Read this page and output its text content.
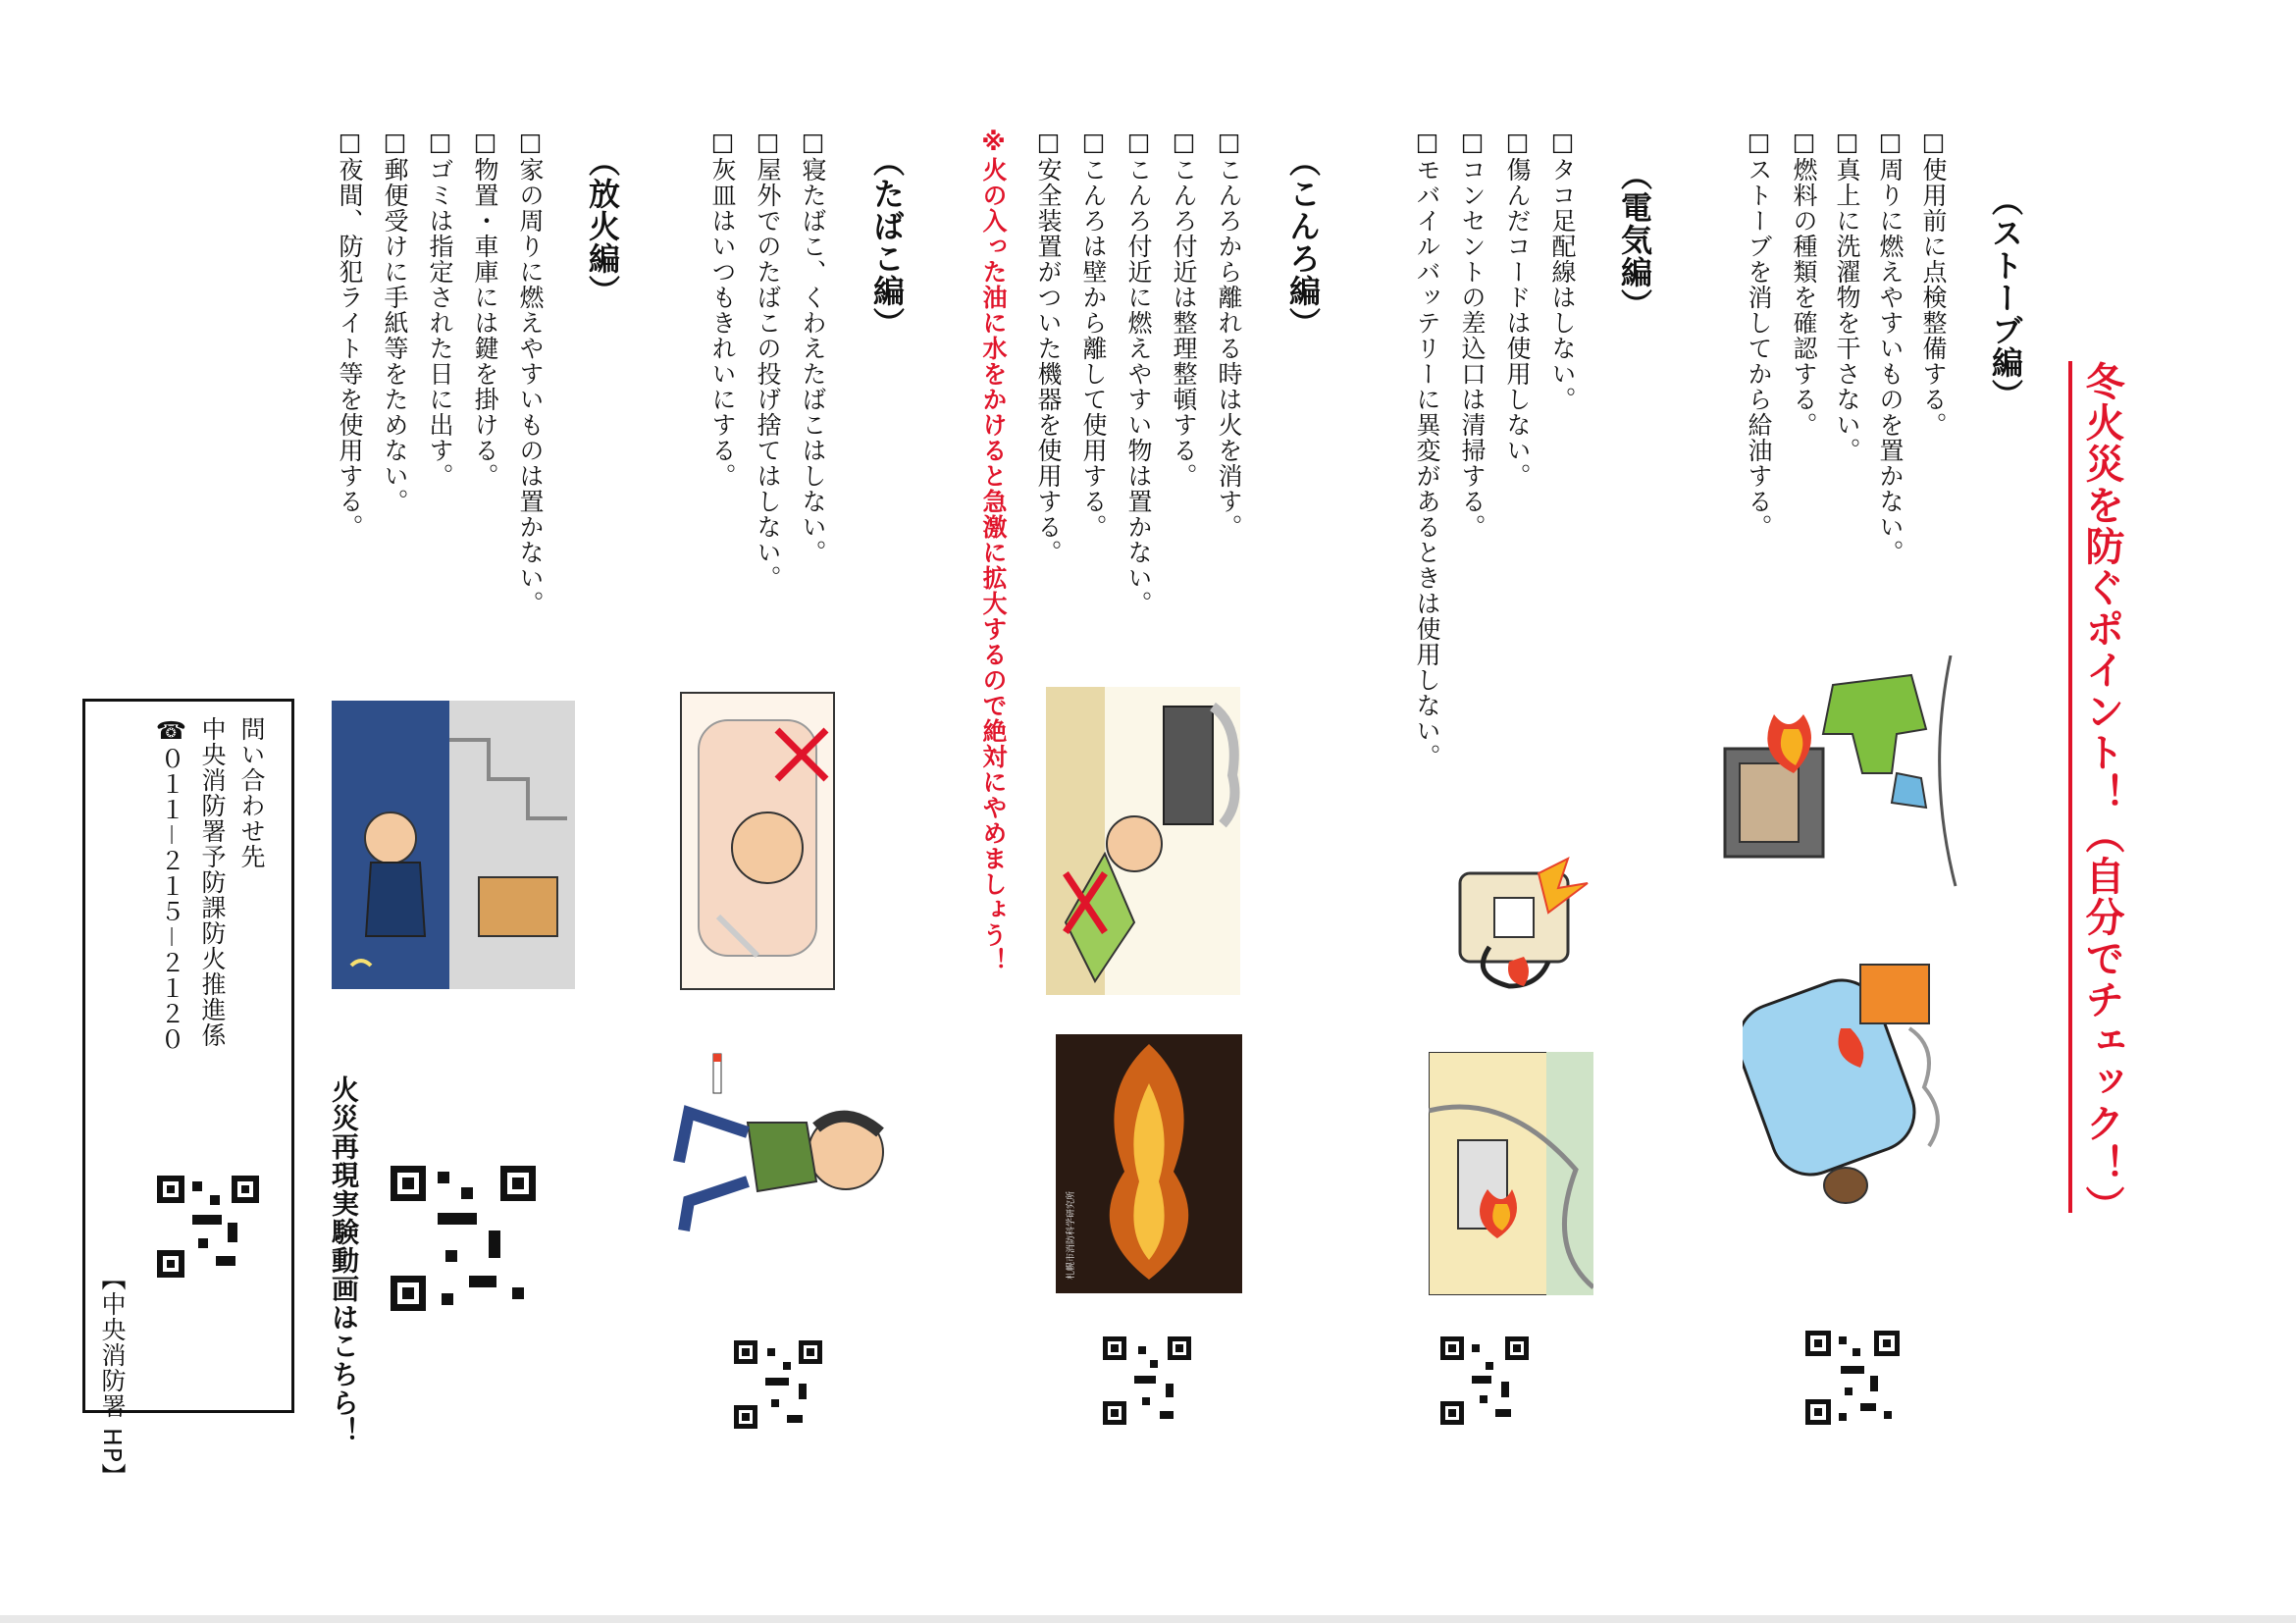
冬火災を防ぐポイント！（自分でチェック！）
（ストーブ編）
□使用前に点検整備する。
□周りに燃えやすいものを置かない。
□真上に洗濯物を干さない。
□燃料の種類を確認する。
□ストーブを消してから給油する。
（電気編）
□タコ足配線はしない。
□傷んだコードは使用しない。
□コンセントの差込口は清掃する。
□モバイルバッテリーに異変があるときは使用しない。
（こんろ編）
□こんろから離れる時は火を消す。
□こんろ付近は整理整頓する。
□こんろ付近に燃えやすい物は置かない。
□こんろは壁から離して使用する。
□安全装置がついた機器を使用する。
※火の入った油に水をかけると急激に拡大するので絶対にやめましょう！
（たばこ編）
□寝たばこ、くわえたばこはしない。
□屋外でのたばこの投げ捨てはしない。
□灰皿はいつもきれいにする。
（放火編）
□家の周りに燃えやすいものは置かない。
□物置・車庫には鍵を掛ける。
□ゴミは指定された日に出す。
□郵便受けに手紙等をためない。
□夜間、防犯ライト等を使用する。
火災再現実験動画はこちら！
問い合わせ先
中央消防署予防課防火推進係
☎０１１－２１５－２１２０
【中央消防署 HP】
札幌市消防科学研究所
